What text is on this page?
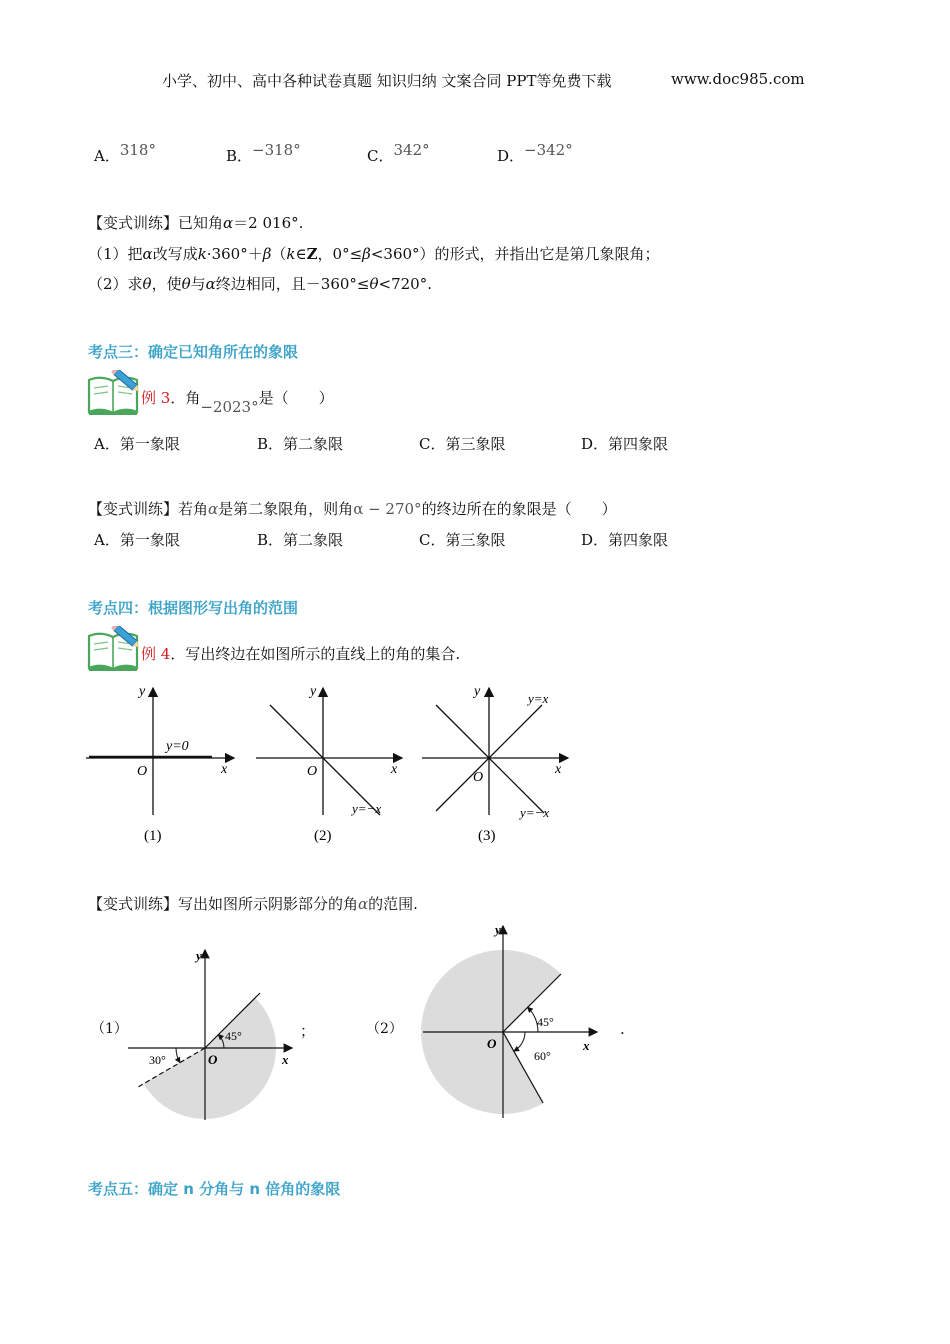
小学、初中、高中各种试卷真题 知识归纳 文案合同 PPT等免费下载	www.doc985.com
A．318°	B．−318°	C．342°	D．−342°
【变式训练】已知角α＝2 016°.
（1）把α改写成k·360°＋β（k∈Z，0°≤β<360°）的形式，并指出它是第几象限角；
（2）求θ，使θ与α终边相同，且－360°≤θ<720°.
考点三：确定已知角所在的象限
例 3．角−2023°是（　　）
A．第一象限	B．第二象限	C．第三象限	D．第四象限
【变式训练】若角α是第二象限角，则角α − 270°的终边所在的象限是（　　）
A．第一象限	B．第二象限	C．第三象限	D．第四象限
考点四：根据图形写出角的范围
例 4．写出终边在如图所示的直线上的角的集合.
y
x
O
y=0
(1)
y
x
O
y=−x
(2)
y
x
O
y=x
y=−x
(3)
【变式训练】写出如图所示阴影部分的角α的范围.
（1）	；	（2）	.
y
x
O
45°
30°
y
x
O
45°
60°
考点五：确定 n 分角与 n 倍角的象限
